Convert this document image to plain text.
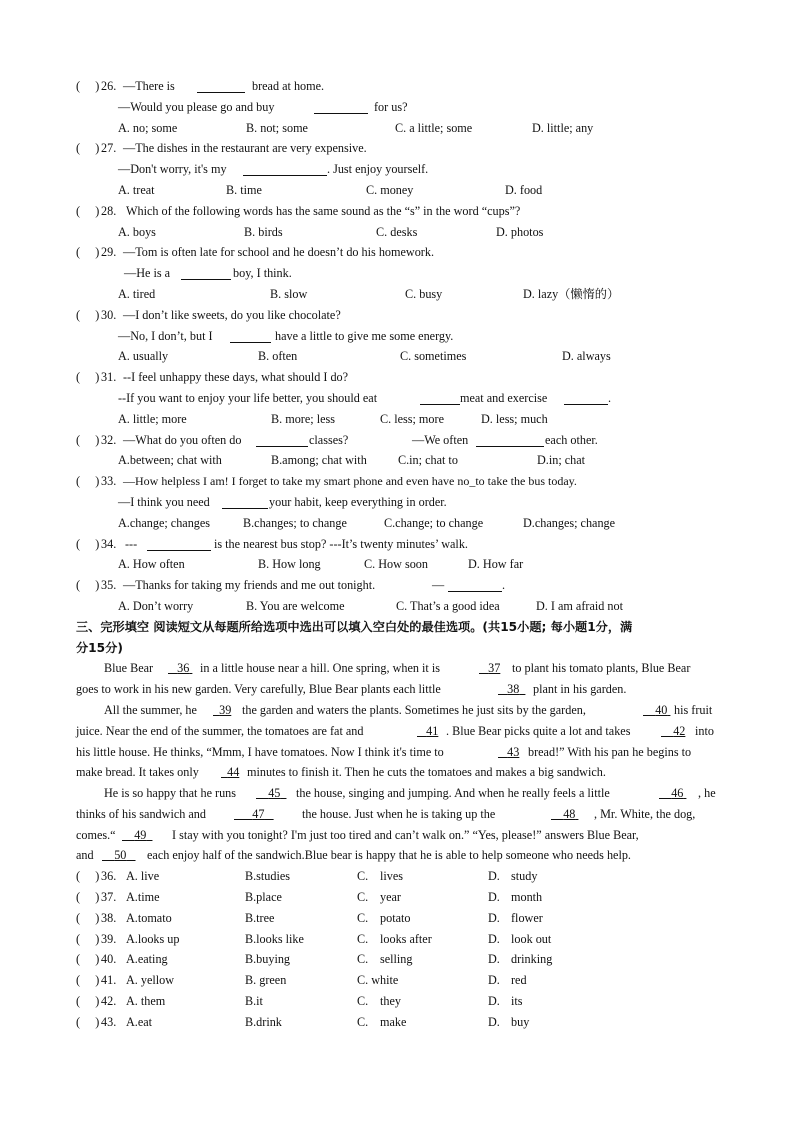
(     ) 26. —There is	bread at home.
—Would you please go and buy	for us?
A. no; some	B. not; some	C. a little; some	D. little; any
(     ) 27. —The dishes in the restaurant are very expensive.
—Don't worry, it's my	. Just enjoy yourself.
A. treat	B. time	C. money	D. food
(     ) 28. Which of the following words has the same sound as the “s” in the word “cups”?
A. boys	B. birds	C. desks	D. photos
(     ) 29. —Tom is often late for school and he doesn’t do his homework.
—He is a	boy, I think.
A. tired	B. slow	C. busy	D. lazy（懒惰的）
(     ) 30. —I don’t like sweets, do you like chocolate?
—No, I don’t, but I	have a little to give me some energy.
A. usually	B. often	C. sometimes	D. always
(     ) 31. --I feel unhappy these days, what should I do?
--If you want to enjoy your life better, you should eat	meat and exercise	.
A. little; more	B. more; less	C. less; more	D. less; much
(     ) 32. —What do you often do	classes?	—We often	each other.
A.between; chat with	B.among; chat with	C.in; chat to	D.in; chat
(     ) 33. —How helpless I am! I forget to take my smart phone and even have no_to take the bus today.
—I think you need	your habit, keep everything in order.
A.change; changes	B.changes; to change	C.change; to change	D.changes; change
(     ) 34. ---	is the nearest bus stop? ---It’s twenty minutes’ walk.
A. How often	B. How long	C. How soon	D. How far
(     ) 35. —Thanks for taking my friends and me out tonight.	—	.
A. Don’t worry	B. You are welcome	C. That’s a good idea	D. I am afraid not
三、完形填空 阅读短文从每题所给选项中选出可以填入空白处的最佳选项。(共15小题; 每小题1分，满
分15分)
Blue Bear	36 in a little house near a hill. One spring, when it is	37 to plant his tomato plants, Blue Bear
goes to work in his new garden. Very carefully, Blue Bear plants each little	38	plant in his garden.
All the summer, he	39 the garden and waters the plants. Sometimes he just sits by the garden,	40 his fruit
juice. Near the end of the summer, the tomatoes are fat and	41 . Blue Bear picks quite a lot and takes	42 into
his little house. He thinks, “Mmm, I have tomatoes. Now I think it's time to	43 bread!” With his pan he begins to
make bread. It takes only	44 minutes to finish it. Then he cuts the tomatoes and makes a big sandwich.
He is so happy that he runs	45	the house, singing and jumping. And when he really feels a little	46 , he
thinks of his sandwich and	47	the house. Just when he is taking up the	48 , Mr. White, the dog,
comes.“	49	I stay with you tonight? I'm just too tired and can’t walk on.” “Yes, please!” answers Blue Bear,
and	50	each enjoy half of the sandwich.Blue bear is happy that he is able to help someone who needs help.
(     ) 36. A. live	B.studies	C. lives	D. study
(     ) 37. A.time	B.place	C. year	D. month
(     ) 38. A.tomato	B.tree	C. potato	D. flower
(     ) 39. A.looks up	B.looks like	C. looks after	D. look out
(     ) 40. A.eating	B.buying	C. selling	D. drinking
(     ) 41. A. yellow	B. green	C. white	D. red
(     ) 42. A. them	B.it	C. they	D. its
(     ) 43. A.eat	B.drink	C. make	D. buy
